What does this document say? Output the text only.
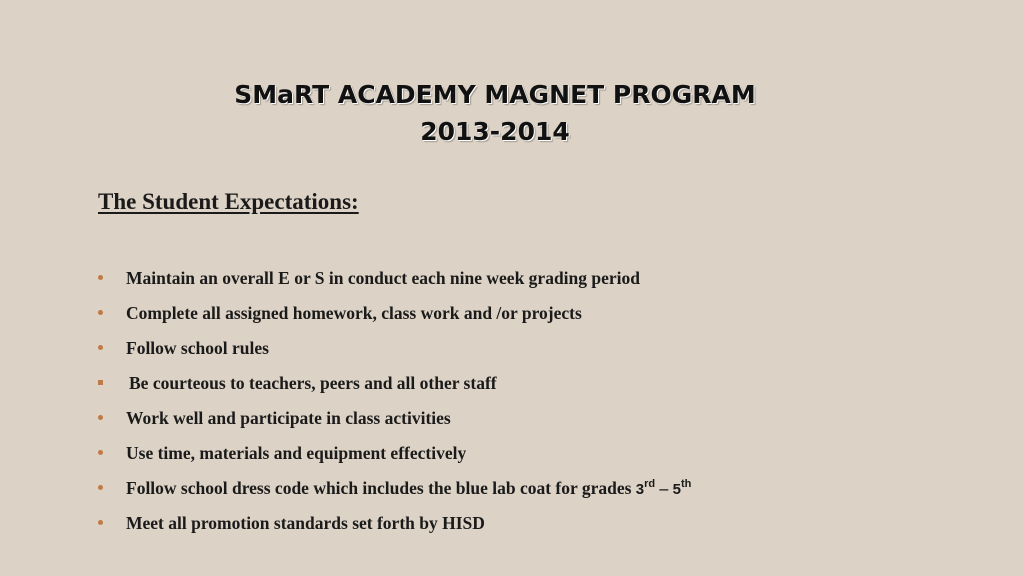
SMaRT ACADEMY MAGNET PROGRAM
2013-2014
The Student Expectations:
Maintain an overall E or S in conduct each nine week grading period
Complete all assigned homework, class work and /or projects
Follow school rules
Be courteous to teachers, peers and all other staff
Work well and participate in class activities
Use time, materials and equipment effectively
Follow school dress code which includes the blue lab coat for grades 3rd – 5th
Meet all promotion standards set forth by HISD
